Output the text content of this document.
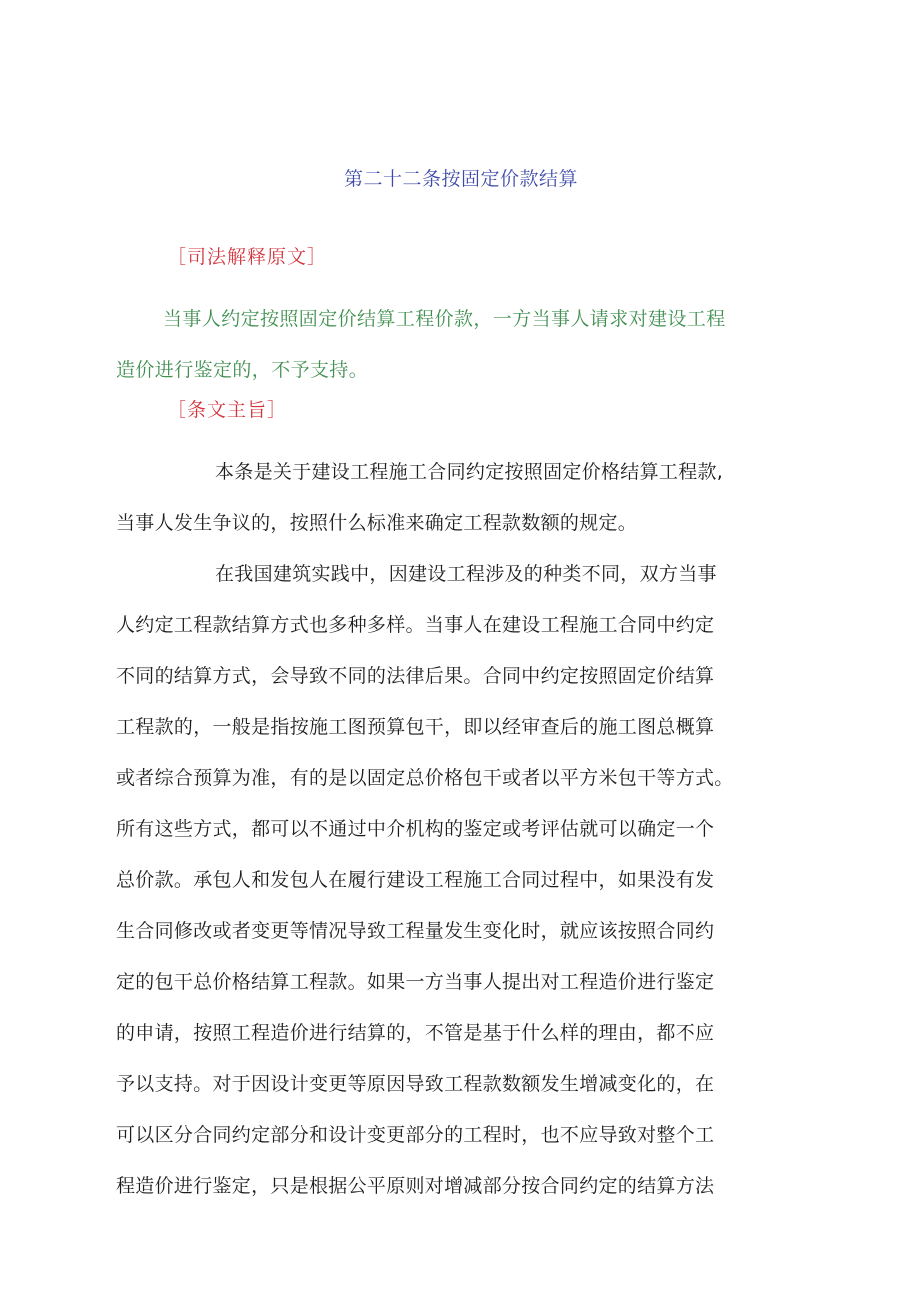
第二十二条按固定价款结算
［司法解释原文］
当事人约定按照固定价结算工程价款，一方当事人请求对建设工程
造价进行鉴定的，不予支持。
［条文主旨］
本条是关于建设工程施工合同约定按照固定价格结算工程款,
当事人发生争议的，按照什么标准来确定工程款数额的规定。
在我国建筑实践中，因建设工程涉及的种类不同，双方当事
人约定工程款结算方式也多种多样。当事人在建设工程施工合同中约定
不同的结算方式，会导致不同的法律后果。合同中约定按照固定价结算
工程款的，一般是指按施工图预算包干，即以经审查后的施工图总概算
或者综合预算为准，有的是以固定总价格包干或者以平方米包干等方式。
所有这些方式，都可以不通过中介机构的鉴定或考评估就可以确定一个
总价款。承包人和发包人在履行建设工程施工合同过程中，如果没有发
生合同修改或者变更等情况导致工程量发生变化时，就应该按照合同约
定的包干总价格结算工程款。如果一方当事人提出对工程造价进行鉴定
的申请，按照工程造价进行结算的，不管是基于什么样的理由，都不应
予以支持。对于因设计变更等原因导致工程款数额发生增减变化的，在
可以区分合同约定部分和设计变更部分的工程时，也不应导致对整个工
程造价进行鉴定，只是根据公平原则对增减部分按合同约定的结算方法
